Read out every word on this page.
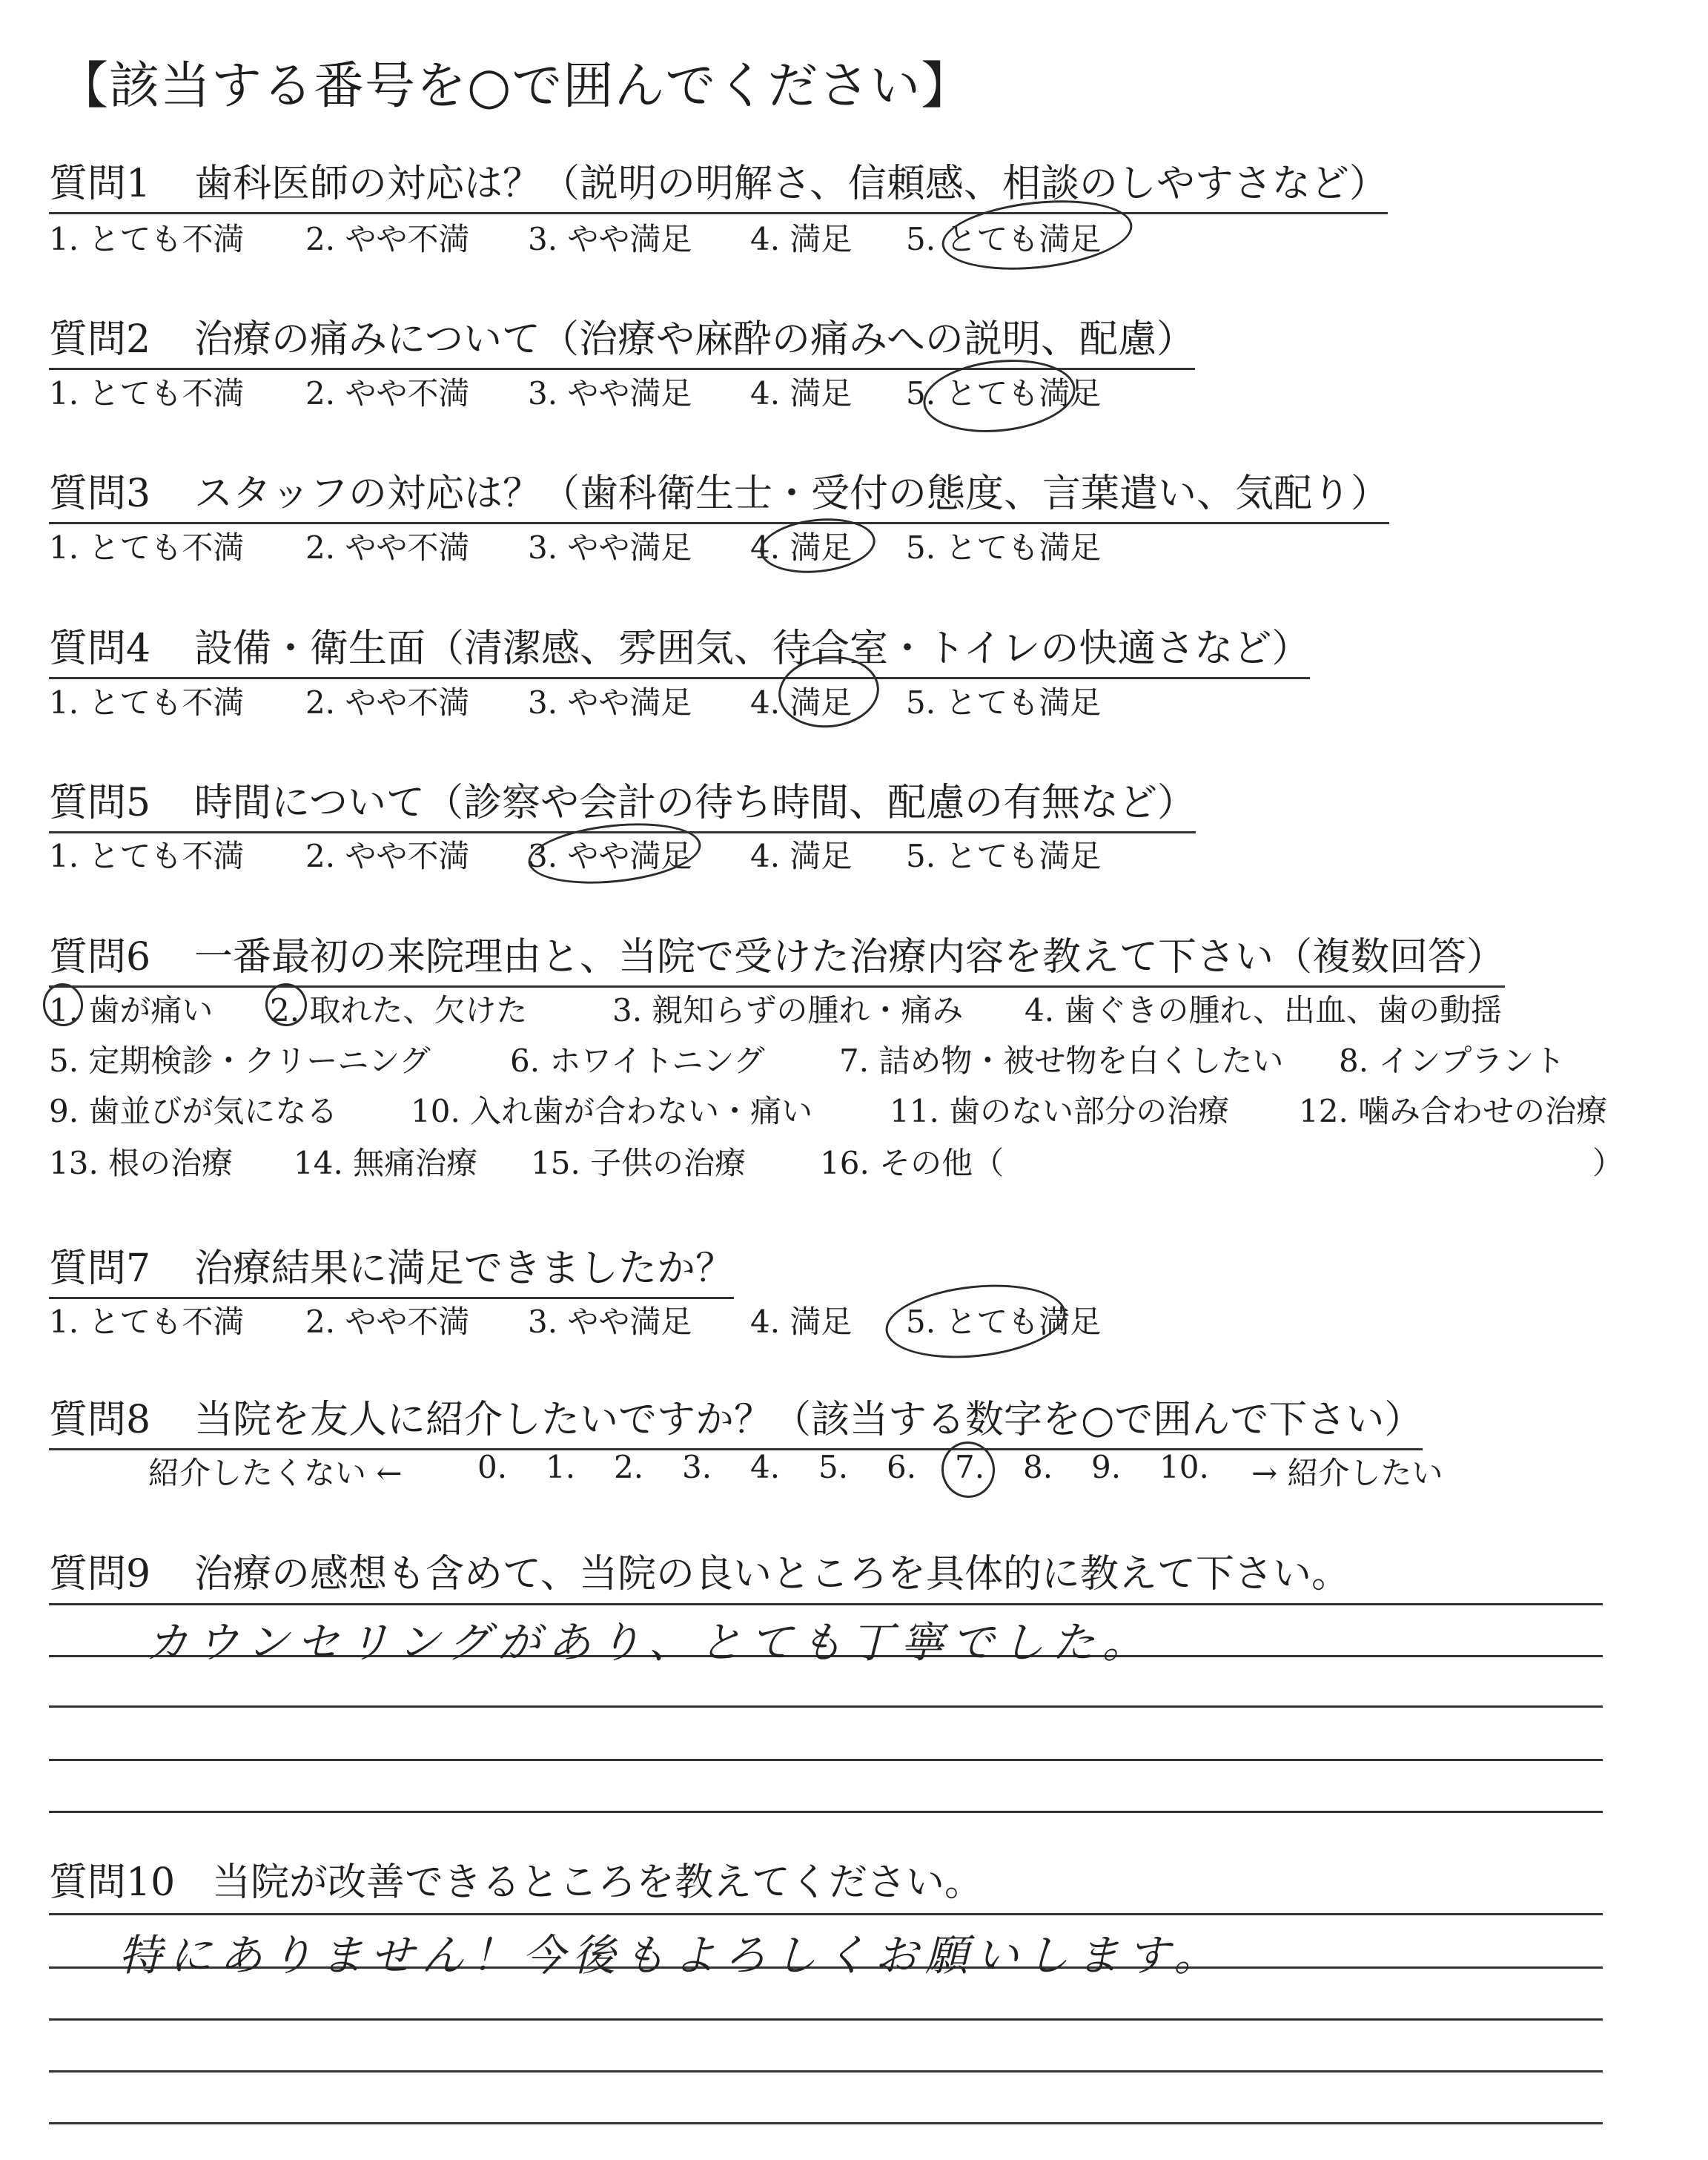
【該当する番号を○で囲んでください】
質問1 歯科医師の対応は？（説明の明解さ、信頼感、相談のしやすさなど）
1. とても不満 2. やや不満 3. やや満足 4. 満足 5. とても満足
質問2 治療の痛みについて（治療や麻酔の痛みへの説明、配慮）
1. とても不満 2. やや不満 3. やや満足 4. 満足 5. とても満足
質問3 スタッフの対応は？（歯科衛生士・受付の態度、言葉遣い、気配り）
1. とても不満 2. やや不満 3. やや満足 4. 満足 5. とても満足
質問4 設備・衛生面（清潔感、雰囲気、待合室・トイレの快適さなど）
1. とても不満 2. やや不満 3. やや満足 4. 満足 5. とても満足
質問5 時間について（診察や会計の待ち時間、配慮の有無など）
1. とても不満 2. やや不満 3. やや満足 4. 満足 5. とても満足
質問6 一番最初の来院理由と、当院で受けた治療内容を教えて下さい（複数回答）
1. 歯が痛い 2. 取れた、欠けた	3. 親知らずの腫れ・痛み 4. 歯ぐきの腫れ、出血、歯の動揺
5. 定期検診・クリーニング	6. ホワイトニング 7. 詰め物・被せ物を白くしたい 8. インプラント
9. 歯並びが気になる 10. 入れ歯が合わない・痛い 11. 歯のない部分の治療 12. 噛み合わせの治療
13. 根の治療 14. 無痛治療 15. 子供の治療 16. その他（	）
質問7 治療結果に満足できましたか？
1. とても不満 2. やや不満 3. やや満足 4. 満足 5. とても満足
質問8 当院を友人に紹介したいですか？（該当する数字を○で囲んで下さい）
紹介したくない ← 0. 1. 2. 3. 4. 5. 6. 7. 8. 9. 10. → 紹介したい
質問9 治療の感想も含めて、当院の良いところを具体的に教えて下さい。
カウンセリングがあり、とても丁寧でした。
質問10 当院が改善できるところを教えてください。
特にありません！今後もよろしくお願いします。
